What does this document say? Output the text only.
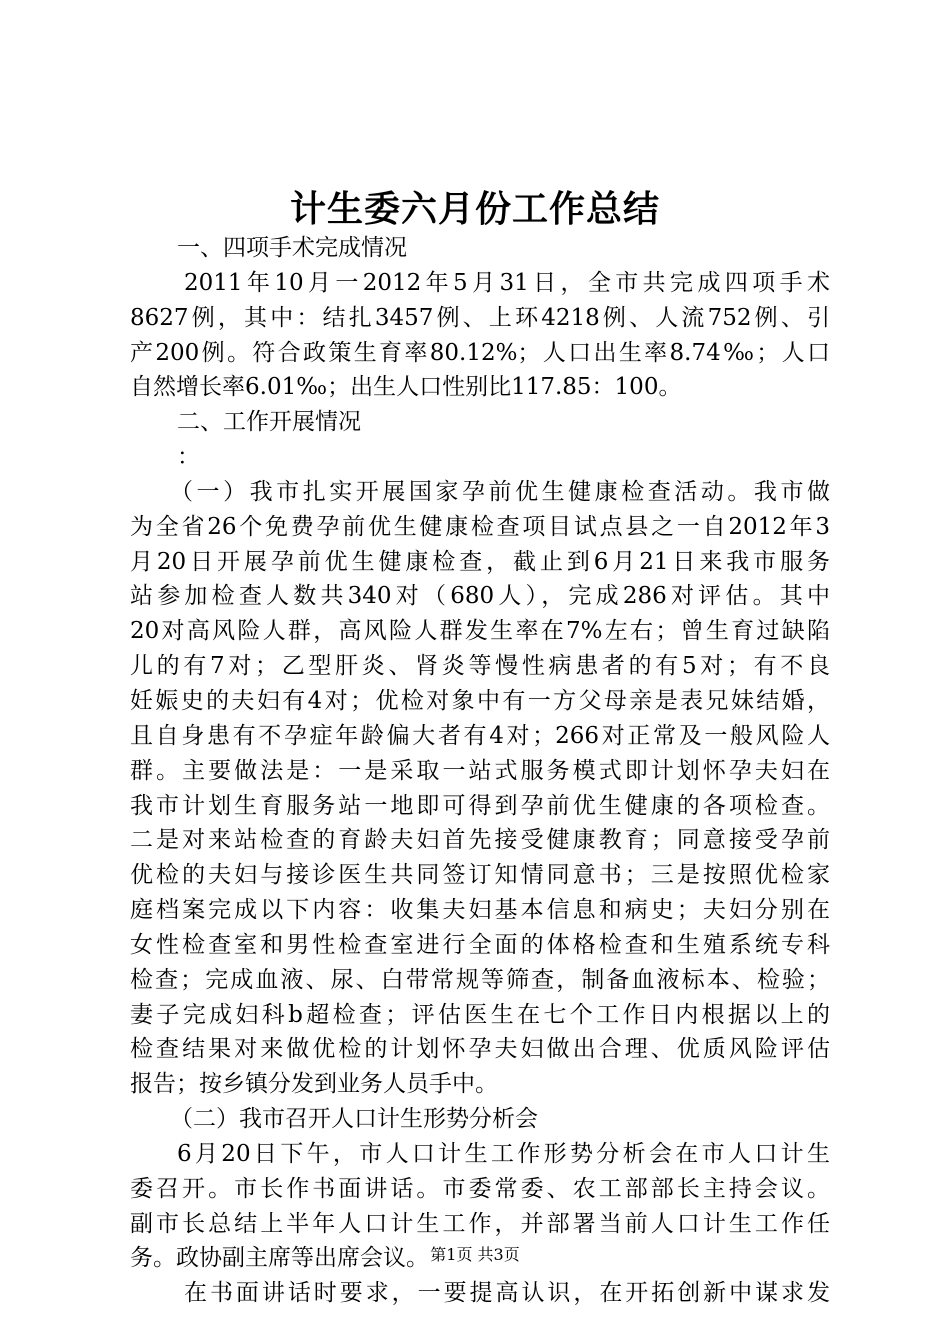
计生委六月份工作总结
一、四项手术完成情况
2011年10月一2012年5月31日，全市共完成四项手术
8627例，其中：结扎3457例、上环4218例、人流752例、引
产200例。符合政策生育率80.12%；人口出生率8.74‰；人口
自然增长率6.01‰；出生人口性别比117.85：100。
二、工作开展情况
：
（一）我市扎实开展国家孕前优生健康检查活动。我市做
为全省26个免费孕前优生健康检查项目试点县之一自2012年3
月20日开展孕前优生健康检查，截止到6月21日来我市服务
站参加检查人数共340对（680人），完成286对评估。其中
20对高风险人群，高风险人群发生率在7%左右；曾生育过缺陷
儿的有7对；乙型肝炎、肾炎等慢性病患者的有5对；有不良
妊娠史的夫妇有4对；优检对象中有一方父母亲是表兄妹结婚，
且自身患有不孕症年龄偏大者有4对；266对正常及一般风险人
群。主要做法是：一是采取一站式服务模式即计划怀孕夫妇在
我市计划生育服务站一地即可得到孕前优生健康的各项检查。
二是对来站检查的育龄夫妇首先接受健康教育；同意接受孕前
优检的夫妇与接诊医生共同签订知情同意书；三是按照优检家
庭档案完成以下内容：收集夫妇基本信息和病史；夫妇分别在
女性检查室和男性检查室进行全面的体格检查和生殖系统专科
检查；完成血液、尿、白带常规等筛查，制备血液标本、检验；
妻子完成妇科b超检查；评估医生在七个工作日内根据以上的
检查结果对来做优检的计划怀孕夫妇做出合理、优质风险评估
报告；按乡镇分发到业务人员手中。
（二）我市召开人口计生形势分析会
6月20日下午，市人口计生工作形势分析会在市人口计生
委召开。市长作书面讲话。市委常委、农工部部长主持会议。
副市长总结上半年人口计生工作，并部署当前人口计生工作任
务。政协副主席等出席会议。
在书面讲话时要求，一要提高认识，在开拓创新中谋求发
第1页 共3页
